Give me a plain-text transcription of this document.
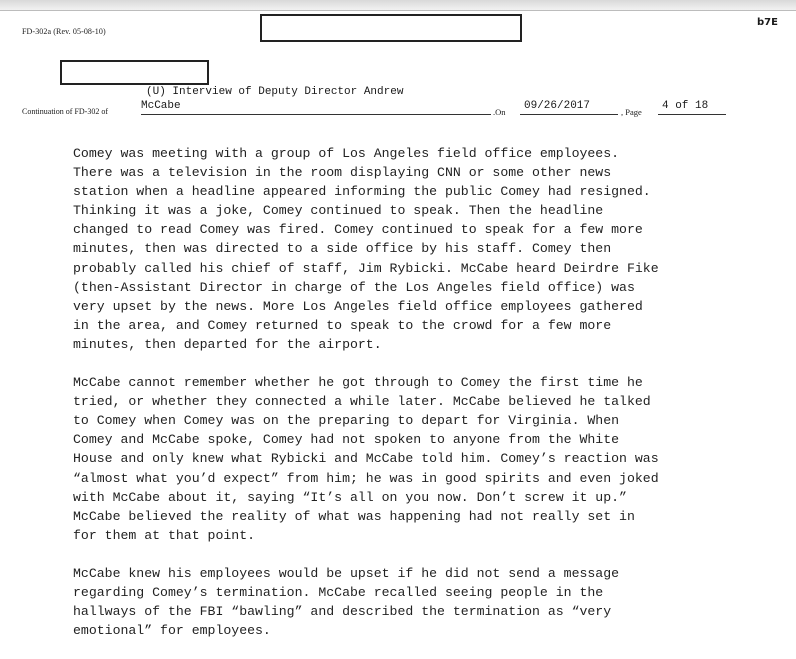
FD-302a (Rev. 05-08-10)
b7E
Continuation of FD-302 of
(U) Interview of Deputy Director Andrew
McCabe	.On 09/26/2017	, Page 4 of 18

Comey was meeting with a group of Los Angeles field office employees.
There was a television in the room displaying CNN or some other news
station when a headline appeared informing the public Comey had resigned.
Thinking it was a joke, Comey continued to speak. Then the headline
changed to read Comey was fired. Comey continued to speak for a few more
minutes, then was directed to a side office by his staff. Comey then
probably called his chief of staff, Jim Rybicki. McCabe heard Deirdre Fike
(then-Assistant Director in charge of the Los Angeles field office) was
very upset by the news. More Los Angeles field office employees gathered
in the area, and Comey returned to speak to the crowd for a few more
minutes, then departed for the airport.

McCabe cannot remember whether he got through to Comey the first time he
tried, or whether they connected a while later. McCabe believed he talked
to Comey when Comey was on the preparing to depart for Virginia. When
Comey and McCabe spoke, Comey had not spoken to anyone from the White
House and only knew what Rybicki and McCabe told him. Comey’s reaction was
“almost what you’d expect” from him; he was in good spirits and even joked
with McCabe about it, saying “It’s all on you now. Don’t screw it up.”
McCabe believed the reality of what was happening had not really set in
for them at that point.

McCabe knew his employees would be upset if he did not send a message
regarding Comey’s termination. McCabe recalled seeing people in the
hallways of the FBI “bawling” and described the termination as “very
emotional” for employees.
